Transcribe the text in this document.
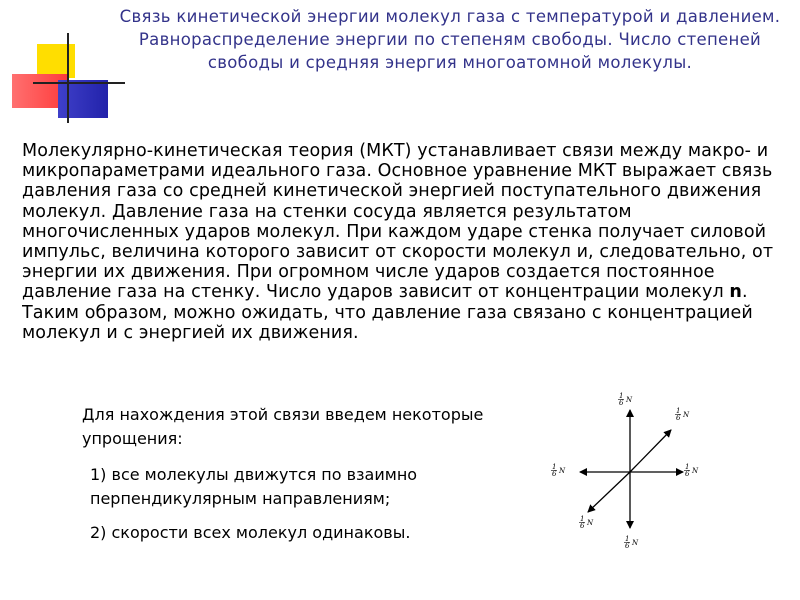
Связь кинетической энергии молекул газа с температурой и давлением. Равнораспределение энергии по степеням свободы. Число степеней свободы и средняя энергия многоатомной молекулы.
Молекулярно-кинетическая теория (МКТ) устанавливает связи между макро- и микропараметрами идеального газа. Основное уравнение МКТ выражает связь давления газа со средней кинетической энергией поступательного движения молекул. Давление газа на стенки сосуда является результатом многочисленных ударов молекул. При каждом ударе стенка получает силовой импульс, величина которого зависит от скорости молекул и, следовательно, от энергии их движения. При огромном числе ударов создается постоянное давление газа на стенку. Число ударов зависит от концентрации молекул n. Таким образом, можно ожидать, что давление газа связано с концентрацией молекул и с энергией их движения.
Для нахождения этой связи введем некоторые упрощения:
1) все молекулы движутся по взаимно перпендикулярным направлениям;
2) скорости всех молекул одинаковы.
1
6 N
1
6 N
1
6 N	1
6 N
1
6 N
1
6 N
